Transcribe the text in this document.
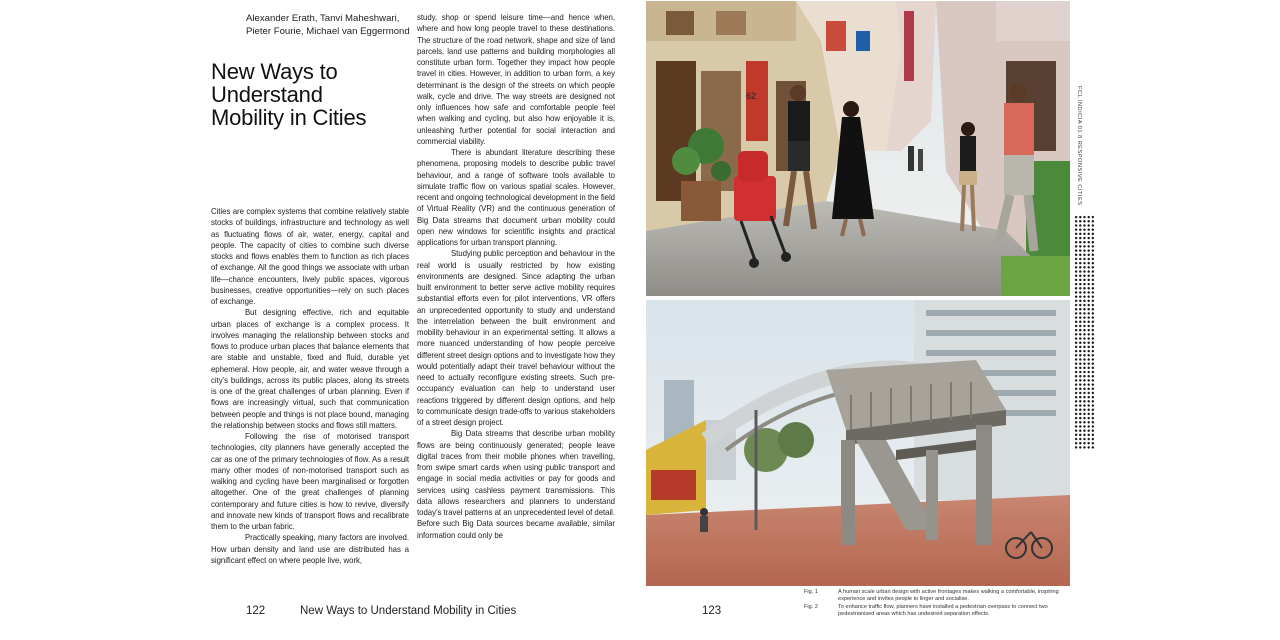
Alexander Erath, Tanvi Maheshwari,
Pieter Fourie, Michael van Eggermond
New Ways to
Understand
Mobility in Cities

Cities are complex systems that combine relatively stable stocks of buildings, infrastructure and technology as well as fluctuating flows of air, water, energy, capital and people. The capacity of cities to combine such diverse stocks and flows enables them to function as rich places of exchange. All the good things we associate with urban life—chance encounters, lively public spaces, vigorous businesses, creative opportunities—rely on such places of exchange.

But designing effective, rich and equitable urban places of exchange is a complex process. It involves managing the relationship between stocks and flows to produce urban places that balance elements that are stable and unstable, fixed and fluid, durable yet ephemeral. How people, air, and water weave through a city’s buildings, across its public places, along its streets is one of the great challenges of urban planning. Even if flows are increasingly virtual, such that communication between people and things is not place bound, managing the relationship between stocks and flows still matters.

Following the rise of motorised transport technologies, city planners have generally accepted the car as one of the primary technologies of flow. As a result many other modes of non-motorised transport such as walking and cycling have been marginalised or forgotten altogether. One of the great challenges of planning contemporary and future cities is how to revive, diversify and innovate new kinds of transport flows and recalibrate them to the urban fabric.

Practically speaking, many factors are involved. How urban density and land use are distributed has a significant effect on where people live, work,

study, shop or spend leisure time—and hence when, where and how long people travel to these destinations. The structure of the road network, shape and size of land parcels, land use patterns and building morphologies all constitute urban form. Together they impact how people travel in cities. However, in addition to urban form, a key determinant is the design of the streets on which people walk, cycle and drive. The way streets are designed not only influences how safe and comfortable people feel when walking and cycling, but also how enjoyable it is, unleashing further potential for social interaction and commercial viability.

There is abundant literature describing these phenomena, proposing models to describe public travel behaviour, and a range of software tools available to simulate traffic flow on various spatial scales. However, recent and ongoing technological development in the field of Virtual Reality (VR) and the continuous generation of Big Data streams that document urban mobility could open new windows for scientific insights and practical applications for urban transport planning.

Studying public perception and behaviour in the real world is usually restricted by how existing environments are designed. Since adapting the urban built environment to better serve active mobility requires substantial efforts even for pilot interventions, VR offers an unprecedented opportunity to study and understand the interrelation between the built environment and mobility behaviour in an experimental setting. It allows a more nuanced understanding of how people perceive different street design options and to investigate how they would potentially adapt their travel behaviour without the need to actually reconfigure existing streets. Such pre-occupancy evaluation can help to understand user reactions triggered by different design options, and help to communicate design trade-offs to various stakeholders of a street design project.

Big Data streams that describe urban mobility flows are being continuously generated; people leave digital traces from their mobile phones when travelling, from swipe smart cards when using public transport and engage in social media activities or pay for goods and services using cashless payment transmissions. This data allows researchers and planners to understand today’s travel patterns at an unprecedented level of detail. Before such Big Data sources became available, similar information could only be

62	FCL INDICIA 01 8 RESPONSIVE CITIES
Fig. 1	A human scale urban design with active frontages makes walking a comfortable, inspiring experience and invites people to linger and socialise.
Fig. 2	To enhance traffic flow, planners have installed a pedestrian overpass to connect two pedestrianised areas which has undesired separation effects.
122	New Ways to Understand Mobility in Cities	123
